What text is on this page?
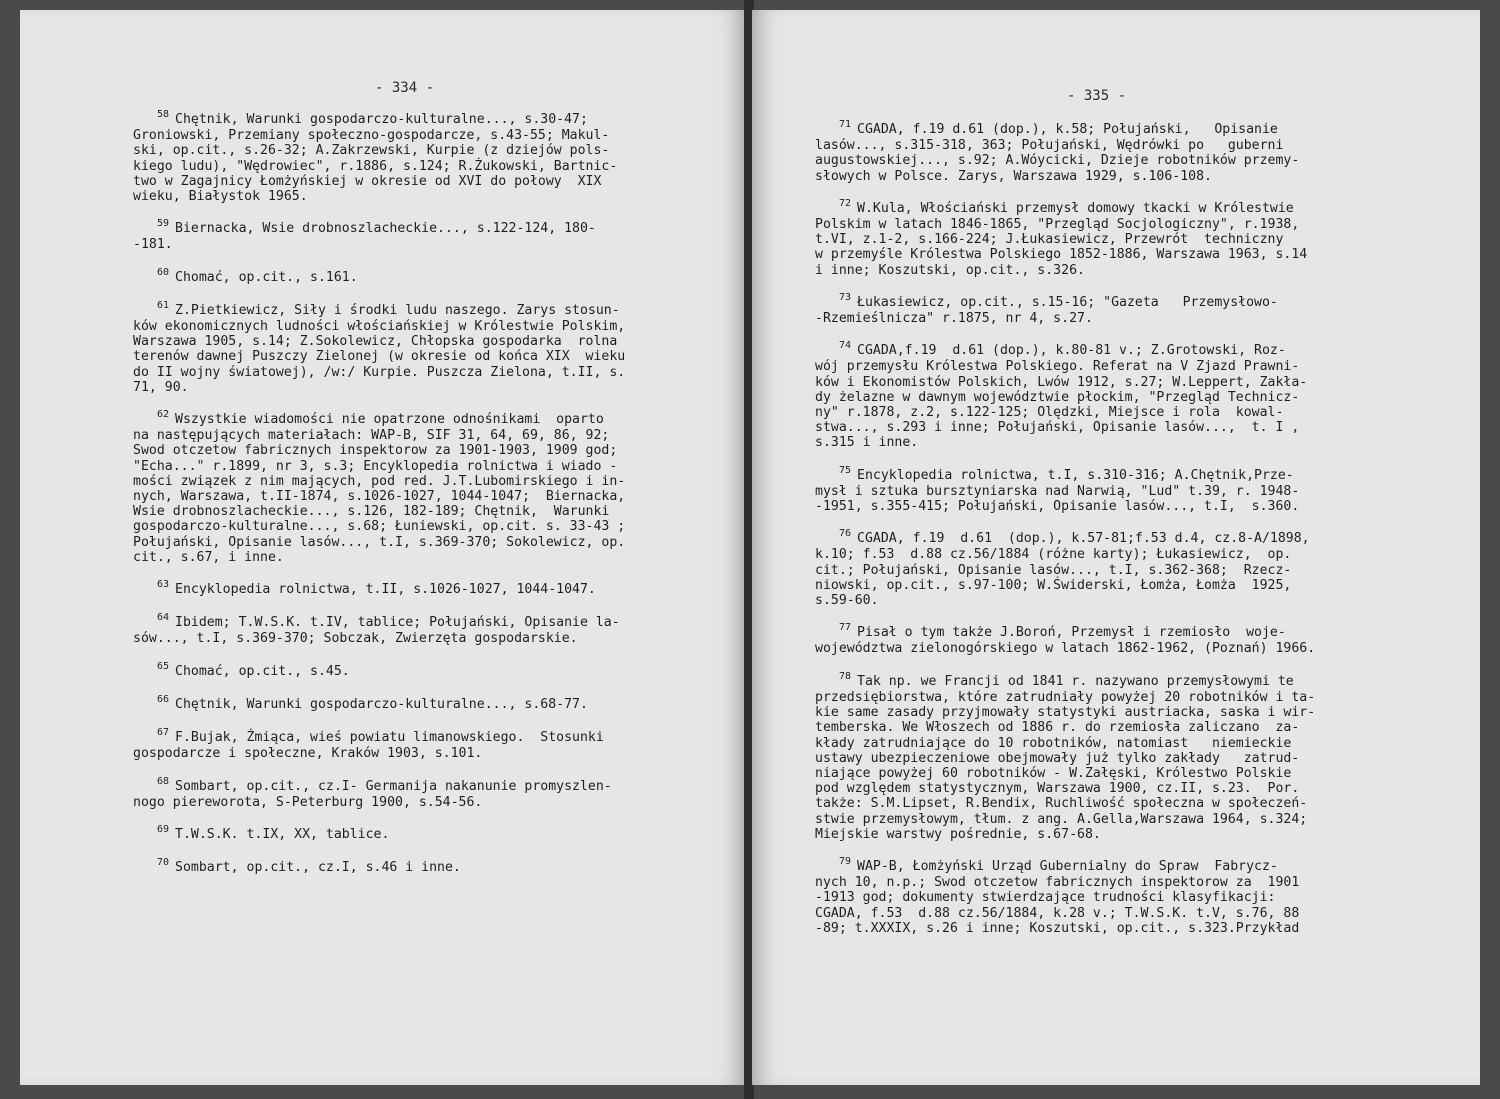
- 334 -
$^{58}$ Chętnik, Warunki gospodarczo-kulturalne..., s.30-47;
Groniowski, Przemiany społeczno-gospodarcze, s.43-55; Makul-
ski, op.cit., s.26-32; A.Zakrzewski, Kurpie (z dziejów pols-
kiego ludu), "Wędrowiec", r.1886, s.124; R.Żukowski, Bartnic-
two w Zagajnicy Łomżyńskiej w okresie od XVI do połowy  XIX
wieku, Białystok 1965.
$^{59}$ Biernacka, Wsie drobnoszlacheckie..., s.122-124, 180-
-181.
$^{60}$ Chomać, op.cit., s.161.
$^{61}$ Z.Pietkiewicz, Siły i środki ludu naszego. Zarys stosun-
ków ekonomicznych ludności włościańskiej w Królestwie Polskim,
Warszawa 1905, s.14; Z.Sokolewicz, Chłopska gospodarka  rolna
terenów dawnej Puszczy Zielonej (w okresie od końca XIX  wieku
do II wojny światowej), /w:/ Kurpie. Puszcza Zielona, t.II, s.
71, 90.
$^{62}$ Wszystkie wiadomości nie opatrzone odnośnikami  oparto
na następujących materiałach: WAP-B, SIF 31, 64, 69, 86, 92;
Swod otczetow fabricznych inspektorow za 1901-1903, 1909 god;
"Echa..." r.1899, nr 3, s.3; Encyklopedia rolnictwa i wiado -
mości związek z nim mających, pod red. J.T.Lubomirskiego i in-
nych, Warszawa, t.II-1874, s.1026-1027, 1044-1047;  Biernacka,
Wsie drobnoszlacheckie..., s.126, 182-189; Chętnik,  Warunki
gospodarczo-kulturalne..., s.68; Łuniewski, op.cit. s. 33-43 ;
Połujański, Opisanie lasów..., t.I, s.369-370; Sokolewicz, op.
cit., s.67, i inne.
$^{63}$ Encyklopedia rolnictwa, t.II, s.1026-1027, 1044-1047.
$^{64}$ Ibidem; T.W.S.K. t.IV, tablice; Połujański, Opisanie la-
sów..., t.I, s.369-370; Sobczak, Zwierzęta gospodarskie.
$^{65}$ Chomać, op.cit., s.45.
$^{66}$ Chętnik, Warunki gospodarczo-kulturalne..., s.68-77.
$^{67}$ F.Bujak, Żmiąca, wieś powiatu limanowskiego.  Stosunki
gospodarcze i społeczne, Kraków 1903, s.101.
$^{68}$ Sombart, op.cit., cz.I- Germanija nakanunie promyszlen-
nogo piereworota, S-Peterburg 1900, s.54-56.
$^{69}$ T.W.S.K. t.IX, XX, tablice.
$^{70}$ Sombart, op.cit., cz.I, s.46 i inne.
- 335 -
$^{71}$ CGADA, f.19 d.61 (dop.), k.58; Połujański,   Opisanie
lasów..., s.315-318, 363; Połujański, Wędrówki po   guberni
augustowskiej..., s.92; A.Wóycicki, Dzieje robotników przemy-
słowych w Polsce. Zarys, Warszawa 1929, s.106-108.
$^{72}$ W.Kula, Włościański przemysł domowy tkacki w Królestwie
Polskim w latach 1846-1865, "Przegląd Socjologiczny", r.1938,
t.VI, z.1-2, s.166-224; J.Łukasiewicz, Przewrót  techniczny
w przemyśle Królestwa Polskiego 1852-1886, Warszawa 1963, s.14
i inne; Koszutski, op.cit., s.326.
$^{73}$ Łukasiewicz, op.cit., s.15-16; "Gazeta   Przemysłowo-
-Rzemieślnicza" r.1875, nr 4, s.27.
$^{74}$ CGADA,f.19  d.61 (dop.), k.80-81 v.; Z.Grotowski, Roz-
wój przemysłu Królestwa Polskiego. Referat na V Zjazd Prawni-
ków i Ekonomistów Polskich, Lwów 1912, s.27; W.Leppert, Zakła-
dy żelazne w dawnym województwie płockim, "Przegląd Technicz-
ny" r.1878, z.2, s.122-125; Olędzki, Miejsce i rola  kowal-
stwa..., s.293 i inne; Połujański, Opisanie lasów...,  t. I ,
s.315 i inne.
$^{75}$ Encyklopedia rolnictwa, t.I, s.310-316; A.Chętnik,Prze-
mysł i sztuka bursztyniarska nad Narwią, "Lud" t.39, r. 1948-
-1951, s.355-415; Połujański, Opisanie lasów..., t.I,  s.360.
$^{76}$ CGADA, f.19  d.61  (dop.), k.57-81;f.53 d.4, cz.8-A/1898,
k.10; f.53  d.88 cz.56/1884 (różne karty); Łukasiewicz,  op.
cit.; Połujański, Opisanie lasów..., t.I, s.362-368;  Rzecz-
niowski, op.cit., s.97-100; W.Świderski, Łomża, Łomża  1925,
s.59-60.
$^{77}$ Pisał o tym także J.Boroń, Przemysł i rzemiosło  woje-
województwa zielonogórskiego w latach 1862-1962, (Poznań) 1966.
$^{78}$ Tak np. we Francji od 1841 r. nazywano przemysłowymi te
przedsiębiorstwa, które zatrudniały powyżej 20 robotników i ta-
kie same zasady przyjmowały statystyki austriacka, saska i wir-
temberska. We Włoszech od 1886 r. do rzemiosła zaliczano  za-
kłady zatrudniające do 10 robotników, natomiast   niemieckie
ustawy ubezpieczeniowe obejmowały już tylko zakłady   zatrud-
niające powyżej 60 robotników - W.Załęski, Królestwo Polskie
pod względem statystycznym, Warszawa 1900, cz.II, s.23.  Por.
także: S.M.Lipset, R.Bendix, Ruchliwość społeczna w społeczeń-
stwie przemysłowym, tłum. z ang. A.Gella,Warszawa 1964, s.324;
Miejskie warstwy pośrednie, s.67-68.
$^{79}$ WAP-B, Łomżyński Urząd Gubernialny do Spraw  Fabrycz-
nych 10, n.p.; Swod otczetow fabricznych inspektorow za  1901
-1913 god; dokumenty stwierdzające trudności klasyfikacji:
CGADA, f.53  d.88 cz.56/1884, k.28 v.; T.W.S.K. t.V, s.76, 88
-89; t.XXXIX, s.26 i inne; Koszutski, op.cit., s.323.Przykład
